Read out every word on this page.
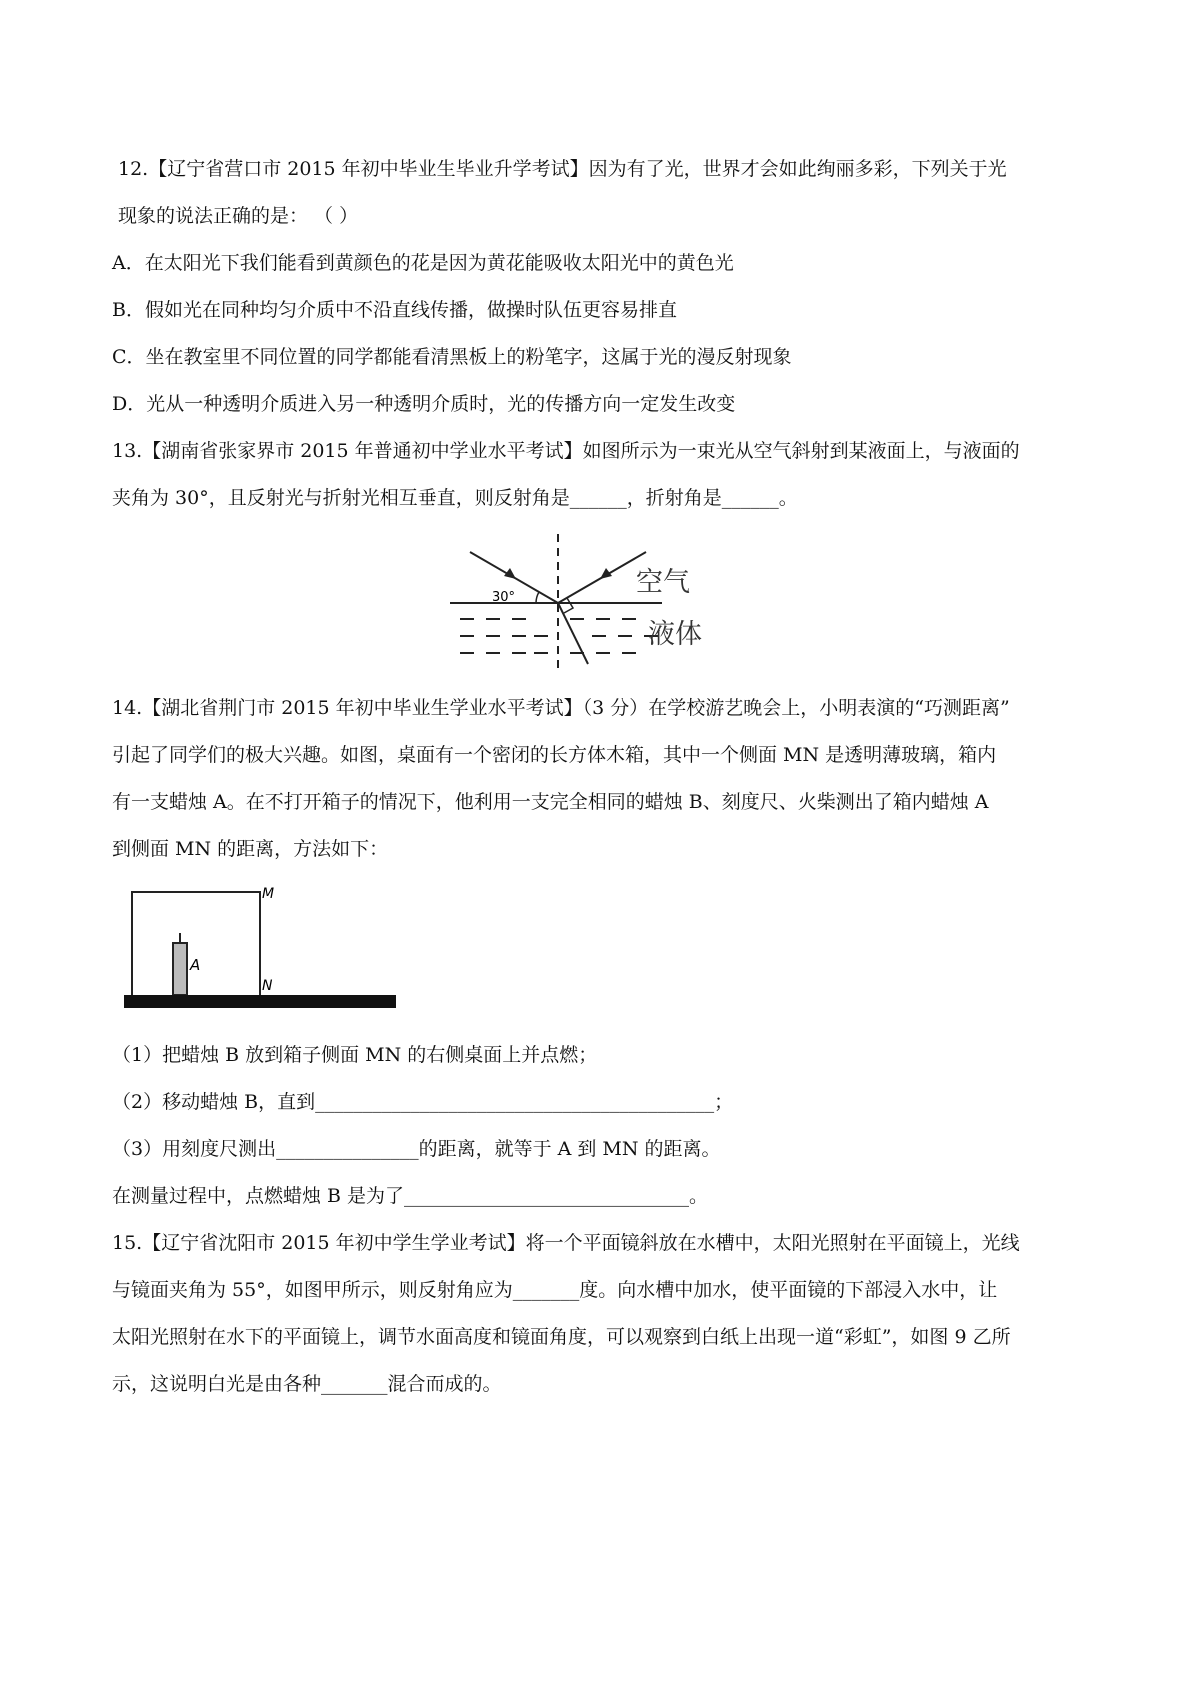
12.【辽宁省营口市 2015 年初中毕业生毕业升学考试】因为有了光，世界才会如此绚丽多彩，下列关于光
现象的说法正确的是： （ ）
A．在太阳光下我们能看到黄颜色的花是因为黄花能吸收太阳光中的黄色光
B．假如光在同种均匀介质中不沿直线传播，做操时队伍更容易排直
C．坐在教室里不同位置的同学都能看清黑板上的粉笔字，这属于光的漫反射现象
D．光从一种透明介质进入另一种透明介质时，光的传播方向一定发生改变
13.【湖南省张家界市 2015 年普通初中学业水平考试】如图所示为一束光从空气斜射到某液面上，与液面的
夹角为 30°，且反射光与折射光相互垂直，则反射角是______，折射角是______。
30°	空气
液体
14.【湖北省荆门市 2015 年初中毕业生学业水平考试】（3 分）在学校游艺晚会上，小明表演的“巧测距离”
引起了同学们的极大兴趣。如图，桌面有一个密闭的长方体木箱，其中一个侧面 MN 是透明薄玻璃，箱内
有一支蜡烛 A。在不打开箱子的情况下，他利用一支完全相同的蜡烛 B、刻度尺、火柴测出了箱内蜡烛 A
到侧面 MN 的距离，方法如下：
A
M
N
（1）把蜡烛 B 放到箱子侧面 MN 的右侧桌面上并点燃；
（2）移动蜡烛 B，直到__________________________________________；
（3）用刻度尺测出_______________的距离，就等于 A 到 MN 的距离。
在测量过程中，点燃蜡烛 B 是为了______________________________。
15.【辽宁省沈阳市 2015 年初中学生学业考试】将一个平面镜斜放在水槽中，太阳光照射在平面镜上，光线
与镜面夹角为 55°，如图甲所示，则反射角应为_______度。向水槽中加水，使平面镜的下部浸入水中，让
太阳光照射在水下的平面镜上，调节水面高度和镜面角度，可以观察到白纸上出现一道“彩虹”，如图 9 乙所
示，这说明白光是由各种_______混合而成的。
